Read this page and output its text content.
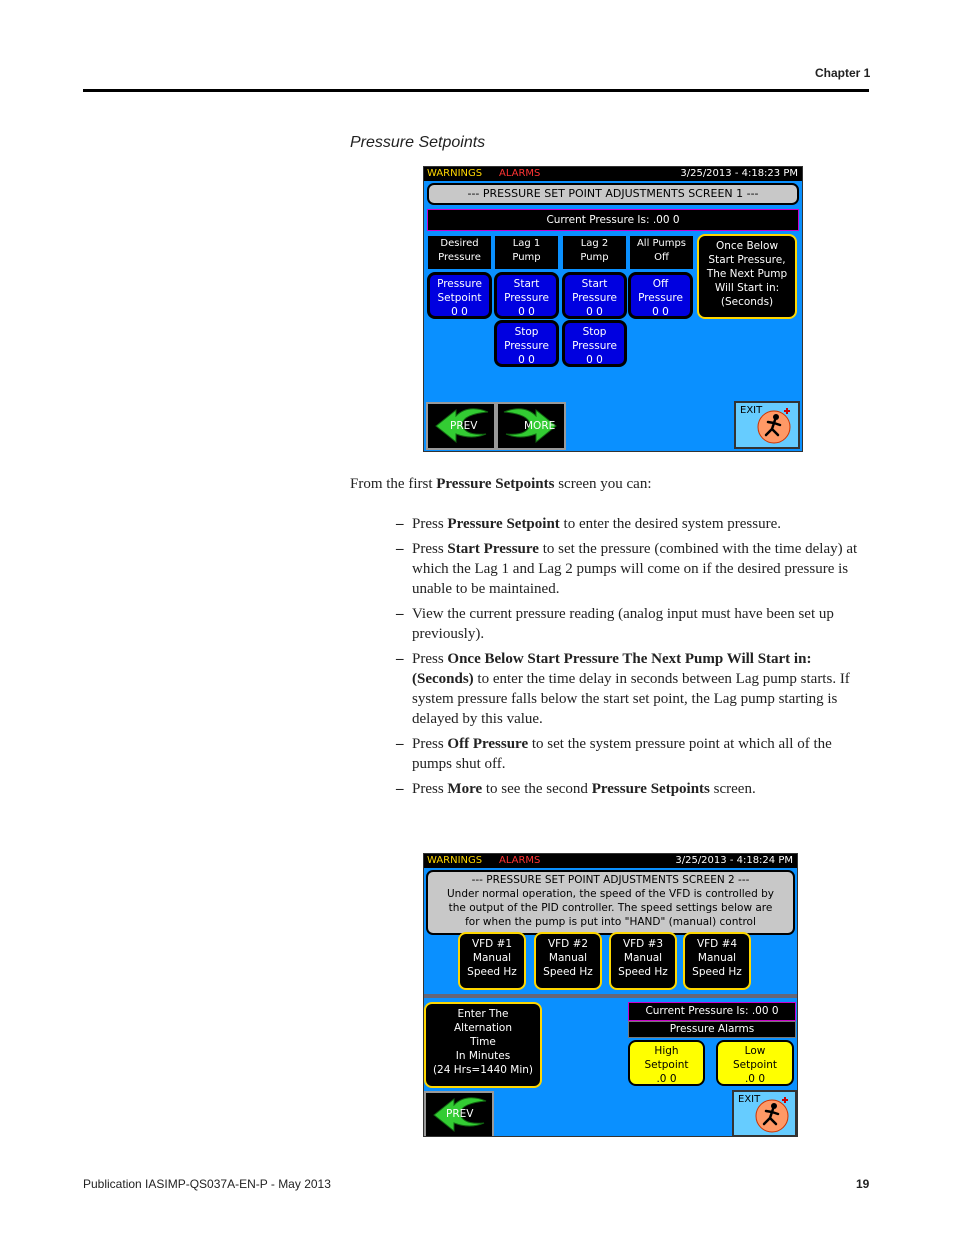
Chapter 1
Pressure Setpoints
WARNINGS ALARMS	3/25/2013 - 4:18:23 PM
--- PRESSURE SET POINT ADJUSTMENTS SCREEN 1 ---
Current Pressure Is: .00 0
Desired
Pressure
Lag 1
Pump
Lag 2
Pump
All Pumps
Off
Pressure
Setpoint
0 0
Start
Pressure
0 0
Start
Pressure
0 0
Off
Pressure
0 0
Once Below
Start Pressure,
The Next Pump
Will Start in:
(Seconds)
Stop
Pressure
0 0
Stop
Pressure
0 0
PREV	MORE
EXIT
From the first Pressure Setpoints screen you can:
– Press Pressure Setpoint to enter the desired system pressure.
– Press Start Pressure to set the pressure (combined with the time delay) at which the Lag 1 and Lag 2 pumps will come on if the desired pressure is unable to be maintained.
– View the current pressure reading (analog input must have been set up previously).
– Press Once Below Start Pressure The Next Pump Will Start in: (Seconds) to enter the time delay in seconds between Lag pump starts. If system pressure falls below the start set point, the Lag pump starting is delayed by this value.
– Press Off Pressure to set the system pressure point at which all of the pumps shut off.
– Press More to see the second Pressure Setpoints screen.
WARNINGS ALARMS	3/25/2013 - 4:18:24 PM
--- PRESSURE SET POINT ADJUSTMENTS SCREEN 2 ---
Under normal operation, the speed of the VFD is controlled by
the output of the PID controller. The speed settings below are
for when the pump is put into "HAND" (manual) control
VFD #1
Manual
Speed Hz
VFD #2
Manual
Speed Hz
VFD #3
Manual
Speed Hz
VFD #4
Manual
Speed Hz
Enter The
Alternation
Time
In Minutes
(24 Hrs=1440 Min)
Current Pressure Is: .00 0
Pressure Alarms
High
Setpoint
.0 0
Low
Setpoint
.0 0
PREV
EXIT
Publication IASIMP-QS037A-EN-P - May 2013	19
